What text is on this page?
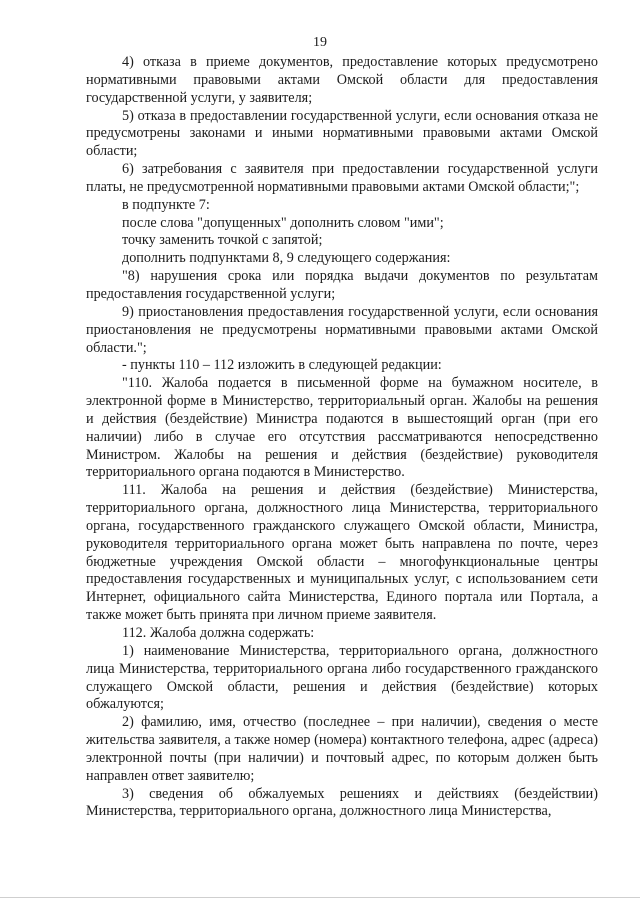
19

4) отказа в приеме документов, предоставление которых предусмотрено нормативными правовыми актами Омской области для предоставления государственной услуги, у заявителя;

5) отказа в предоставлении государственной услуги, если основания отказа не предусмотрены законами и иными нормативными правовыми актами Омской области;

6) затребования с заявителя при предоставлении государственной услуги платы, не предусмотренной нормативными правовыми актами Омской области;";

в подпункте 7:

после слова "допущенных" дополнить словом "ими";

точку заменить точкой с запятой;

дополнить подпунктами 8, 9 следующего содержания:

"8) нарушения срока или порядка выдачи документов по результатам предоставления государственной услуги;

9) приостановления предоставления государственной услуги, если основания приостановления не предусмотрены нормативными правовыми актами Омской области.";

- пункты 110 – 112 изложить в следующей редакции:

"110. Жалоба подается в письменной форме на бумажном носителе, в электронной форме в Министерство, территориальный орган. Жалобы на решения и действия (бездействие) Министра подаются в вышестоящий орган (при его наличии) либо в случае его отсутствия рассматриваются непосредственно Министром. Жалобы на решения и действия (бездействие) руководителя территориального органа подаются в Министерство.

111. Жалоба на решения и действия (бездействие) Министерства, территориального органа, должностного лица Министерства, территориального органа, государственного гражданского служащего Омской области, Министра, руководителя территориального органа может быть направлена по почте, через бюджетные учреждения Омской области – многофункциональные центры предоставления государственных и муниципальных услуг, с использованием сети Интернет, официального сайта Министерства, Единого портала или Портала, а также может быть принята при личном приеме заявителя.

112. Жалоба должна содержать:

1) наименование Министерства, территориального органа, должностного лица Министерства, территориального органа либо государственного гражданского служащего Омской области, решения и действия (бездействие) которых обжалуются;

2) фамилию, имя, отчество (последнее – при наличии), сведения о месте жительства заявителя, а также номер (номера) контактного телефона, адрес (адреса) электронной почты (при наличии) и почтовый адрес, по которым должен быть направлен ответ заявителю;

3) сведения об обжалуемых решениях и действиях (бездействии) Министерства, территориального органа, должностного лица Министерства,
